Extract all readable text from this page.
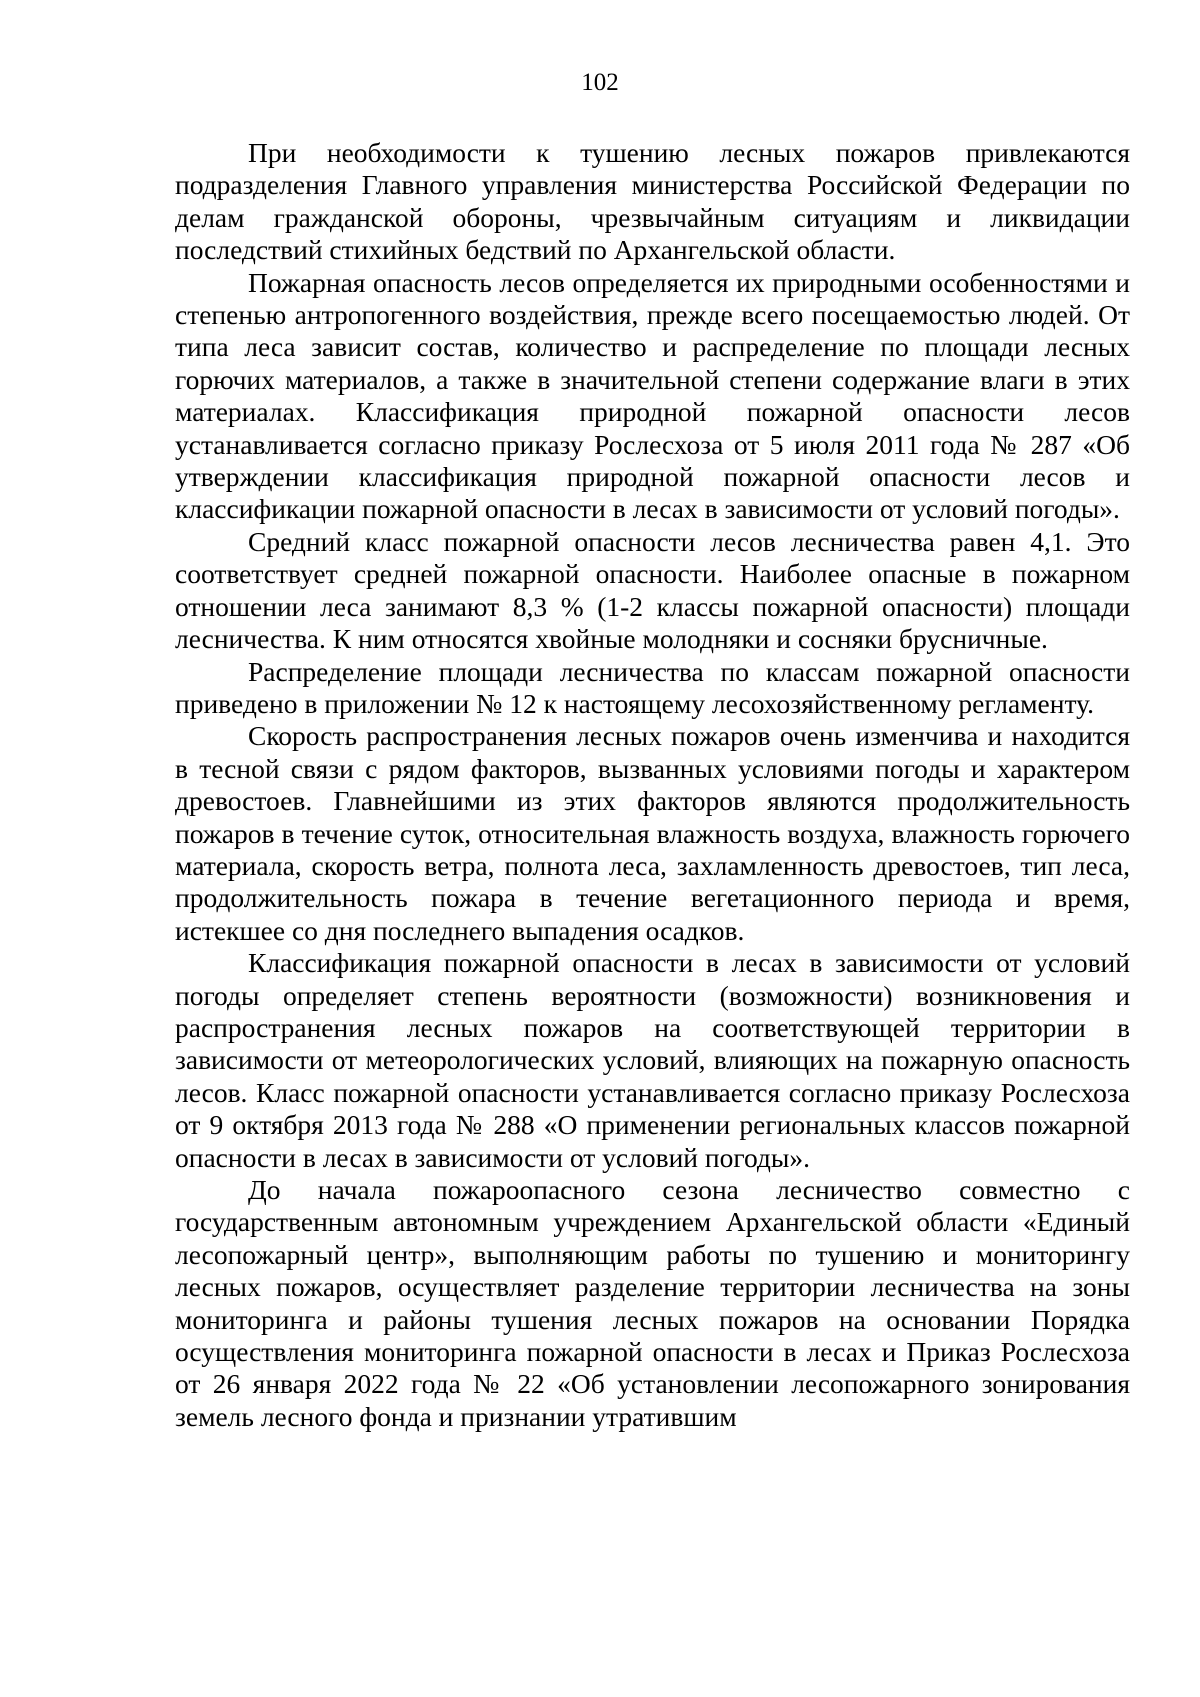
102

При необходимости к тушению лесных пожаров привлекаются подразделения Главного управления министерства Российской Федерации по делам гражданской обороны, чрезвычайным ситуациям и ликвидации последствий стихийных бедствий по Архангельской области.

Пожарная опасность лесов определяется их природными особенностями и степенью антропогенного воздействия, прежде всего посещаемостью людей. От типа леса зависит состав, количество и распределение по площади лесных горючих материалов, а также в значительной степени содержание влаги в этих материалах. Классификация природной пожарной опасности лесов устанавливается согласно приказу Рослесхоза от 5 июля 2011 года № 287 «Об утверждении классификация природной пожарной опасности лесов и классификации пожарной опасности в лесах в зависимости от условий погоды».

Средний класс пожарной опасности лесов лесничества равен 4,1. Это соответствует средней пожарной опасности. Наиболее опасные в пожарном отношении леса занимают 8,3 % (1-2 классы пожарной опасности) площади лесничества. К ним относятся хвойные молодняки и сосняки брусничные.

Распределение площади лесничества по классам пожарной опасности приведено в приложении № 12 к настоящему лесохозяйственному регламенту.

Скорость распространения лесных пожаров очень изменчива и находится в тесной связи с рядом факторов, вызванных условиями погоды и характером древостоев. Главнейшими из этих факторов являются продолжительность пожаров в течение суток, относительная влажность воздуха, влажность горючего материала, скорость ветра, полнота леса, захламленность древостоев, тип леса, продолжительность пожара в течение вегетационного периода и время, истекшее со дня последнего выпадения осадков.

Классификация пожарной опасности в лесах в зависимости от условий погоды определяет степень вероятности (возможности) возникновения и распространения лесных пожаров на соответствующей территории в зависимости от метеорологических условий, влияющих на пожарную опасность лесов. Класс пожарной опасности устанавливается согласно приказу Рослесхоза от 9 октября 2013 года № 288 «О применении региональных классов пожарной опасности в лесах в зависимости от условий погоды».

До начала пожароопасного сезона лесничество совместно с государственным автономным учреждением Архангельской области «Единый лесопожарный центр», выполняющим работы по тушению и мониторингу лесных пожаров, осуществляет разделение территории лесничества на зоны мониторинга и районы тушения лесных пожаров на основании Порядка осуществления мониторинга пожарной опасности в лесах и Приказ Рослесхоза от 26 января 2022 года № 22 «Об установлении лесопожарного зонирования земель лесного фонда и признании утратившим
